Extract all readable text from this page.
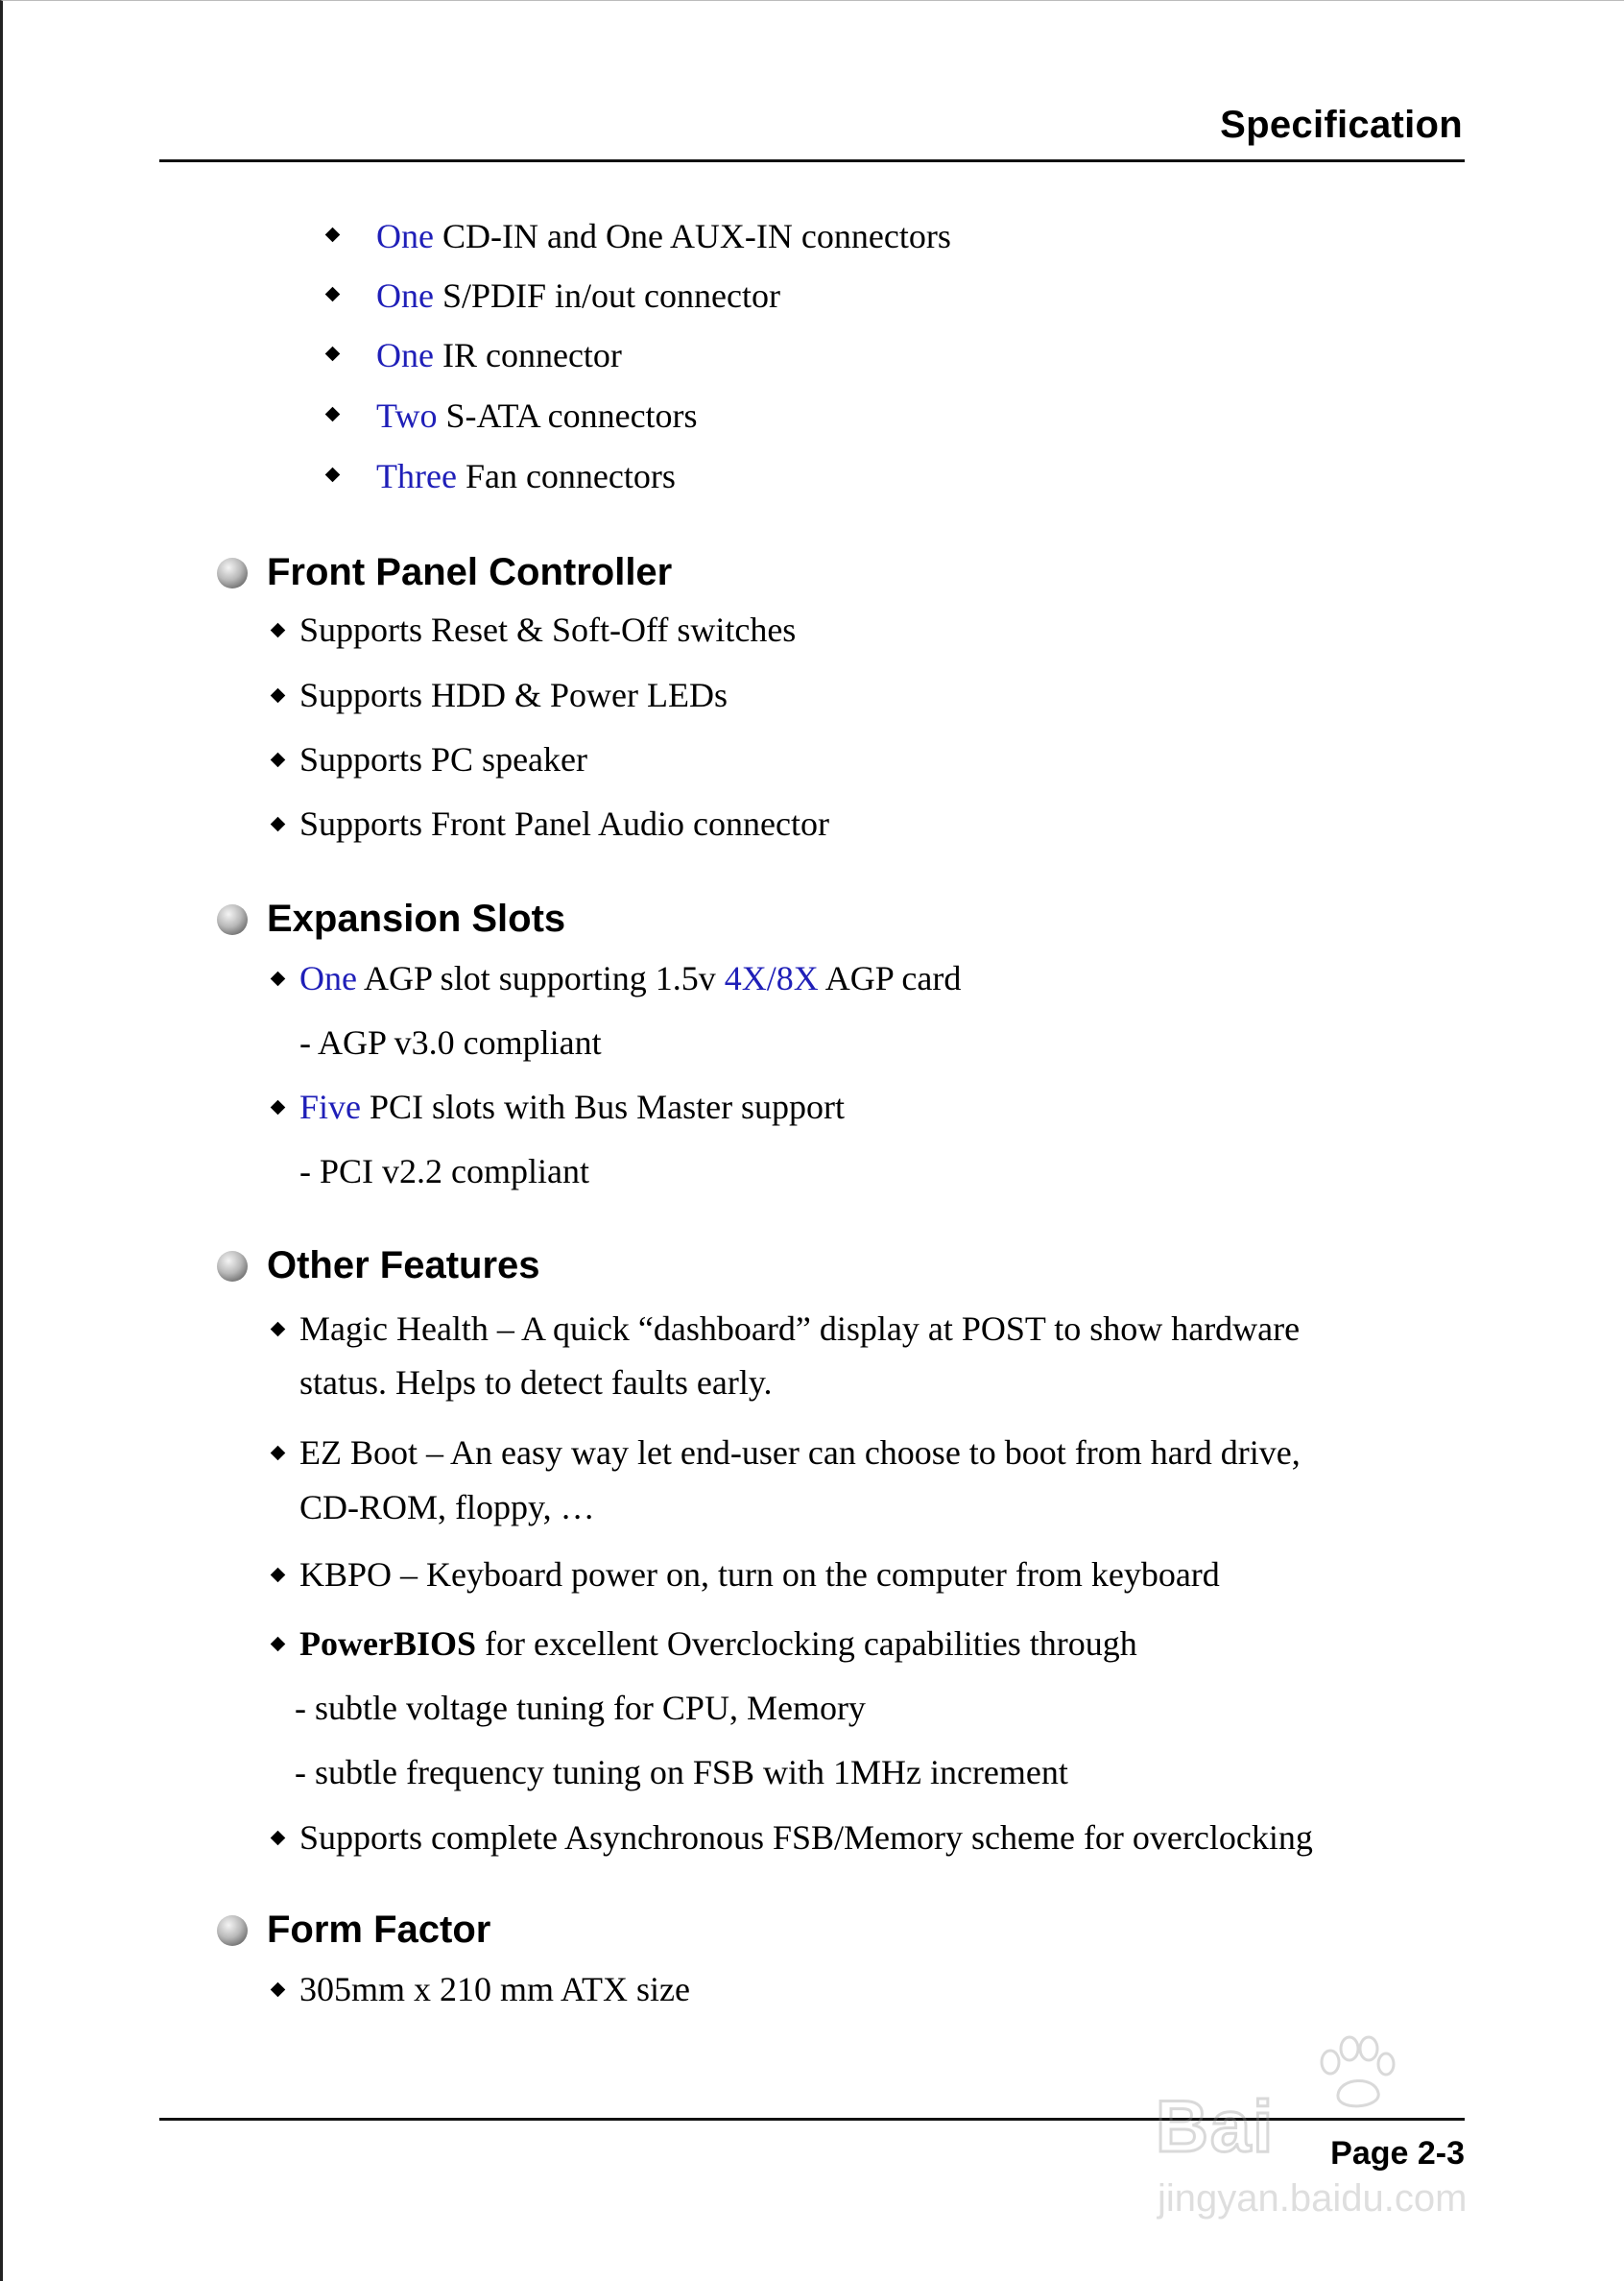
Specification
One CD-IN and One AUX-IN connectors
One S/PDIF in/out connector
One IR connector
Two S-ATA connectors
Three Fan connectors
Front Panel Controller
Supports Reset & Soft-Off switches
Supports HDD & Power LEDs
Supports PC speaker
Supports Front Panel Audio connector
Expansion Slots
One AGP slot supporting 1.5v 4X/8X AGP card
- AGP v3.0 compliant
Five PCI slots with Bus Master support
- PCI v2.2 compliant
Other Features
Magic Health – A quick “dashboard” display at POST to show hardware
status. Helps to detect faults early.
EZ Boot – An easy way let end-user can choose to boot from hard drive,
CD-ROM, floppy, …
KBPO – Keyboard power on, turn on the computer from keyboard
PowerBIOS for excellent Overclocking capabilities through
- subtle voltage tuning for CPU, Memory
- subtle frequency tuning on FSB with 1MHz increment
Supports complete Asynchronous FSB/Memory scheme for overclocking
Form Factor
305mm x 210 mm ATX size
Page 2-3
Bai
jingyan.baidu.com
